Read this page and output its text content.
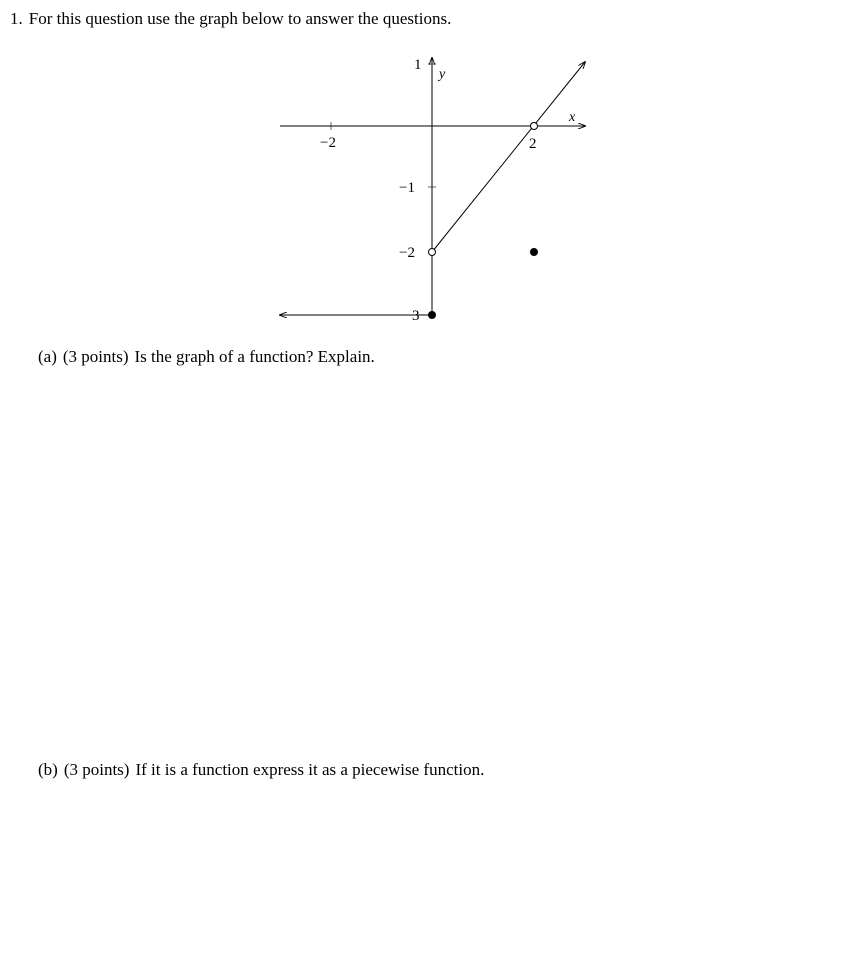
1. For this question use the graph below to answer the questions.
x
y
−2	2
1
−1
−2
3
(a) (3 points) Is the graph of a function? Explain.
(b) (3 points) If it is a function express it as a piecewise function.
